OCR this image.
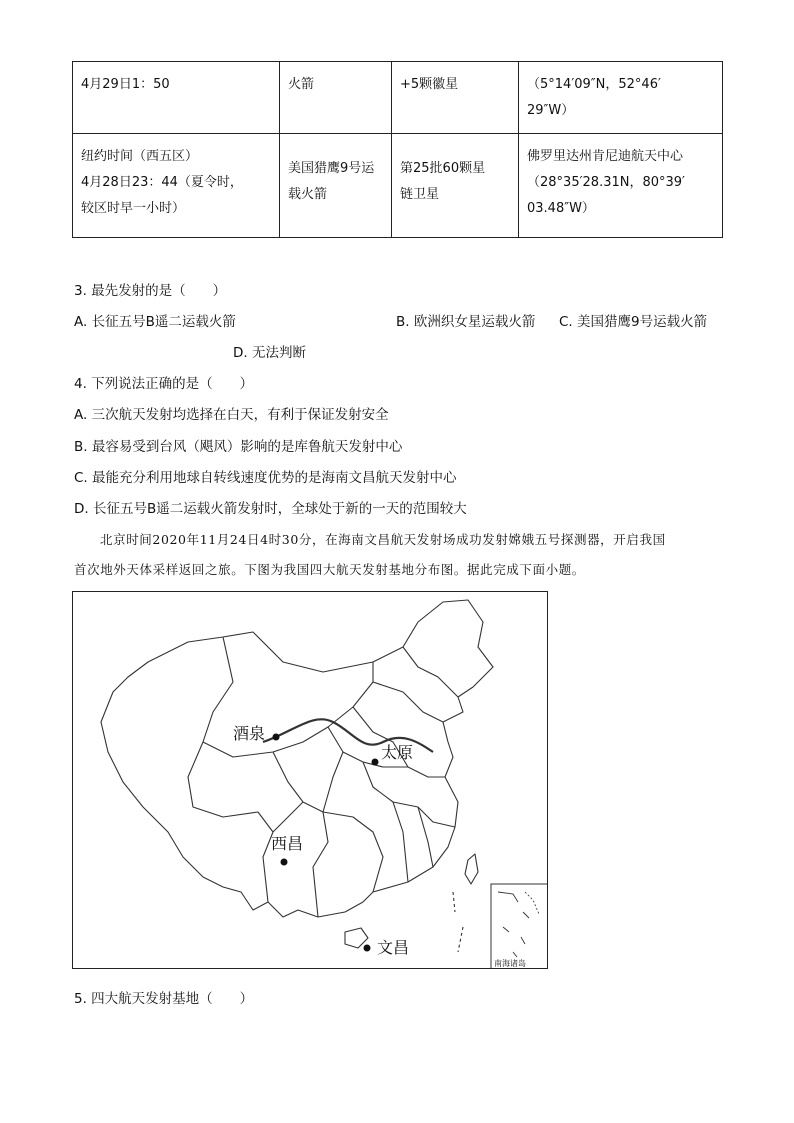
4月29日1：50	火箭	+5颗徽星	（5°14′09″N，52°46′
29″W）
纽约时间（西五区）
4月28日23：44（夏令时，
较区时早一小时）	美国猎鹰9号运
载火箭	第25批60颗星
链卫星	佛罗里达州肯尼迪航天中心
（28°35′28.31N，80°39′
03.48″W）
3. 最先发射的是（　　）
A. 长征五号B遥二运载火箭	B. 欧洲织女星运载火箭 C. 美国猎鹰9号运载火箭
D. 无法判断
4. 下列说法正确的是（　　）
A. 三次航天发射均选择在白天，有利于保证发射安全
B. 最容易受到台风（飓风）影响的是库鲁航天发射中心
C. 最能充分利用地球自转线速度优势的是海南文昌航天发射中心
D. 长征五号B遥二运载火箭发射时，全球处于新的一天的范围较大
北京时间2020年11月24日4时30分，在海南文昌航天发射场成功发射嫦娥五号探测器，开启我国
首次地外天体采样返回之旅。下图为我国四大航天发射基地分布图。据此完成下面小题。
南海诸岛
酒泉
太原
西昌
文昌
5. 四大航天发射基地（　　）
